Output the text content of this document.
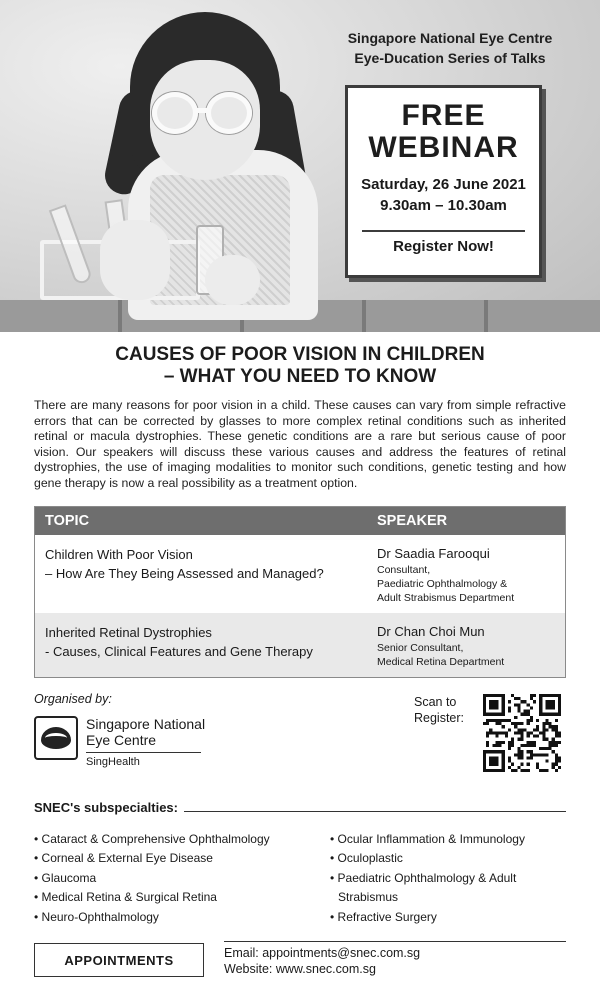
Singapore National Eye Centre
Eye-Ducation Series of Talks
FREE
WEBINAR
Saturday, 26 June 2021
9.30am – 10.30am
Register Now!
CAUSES OF POOR VISION IN CHILDREN
– WHAT YOU NEED TO KNOW

There are many reasons for poor vision in a child. These causes can vary from simple refractive errors that can be corrected by glasses to more complex retinal conditions such as inherited retinal or macula dystrophies. These genetic conditions are a rare but serious cause of poor vision. Our speakers will discuss these various causes and address the features of retinal dystrophies, the use of imaging modalities to monitor such conditions, genetic testing and how gene therapy is now a real possibility as a treatment option.

TOPIC	SPEAKER
Children With Poor Vision
– How Are They Being Assessed and Managed?
Dr Saadia Farooqui
Consultant,
Paediatric Ophthalmology &
Adult Strabismus Department
Inherited Retinal Dystrophies
- Causes, Clinical Features and Gene Therapy
Dr Chan Choi Mun
Senior Consultant,
Medical Retina Department
Organised by:
Singapore National
Eye Centre
SingHealth
Scan to
Register:
SNEC's subspecialties:
• Cataract & Comprehensive Ophthalmology
• Corneal & External Eye Disease
• Glaucoma
• Medical Retina & Surgical Retina
• Neuro-Ophthalmology
• Ocular Inflammation & Immunology
• Oculoplastic
• Paediatric Ophthalmology & Adult
Strabismus
• Refractive Surgery
APPOINTMENTS	Email: appointments@snec.com.sg
Website: www.snec.com.sg
